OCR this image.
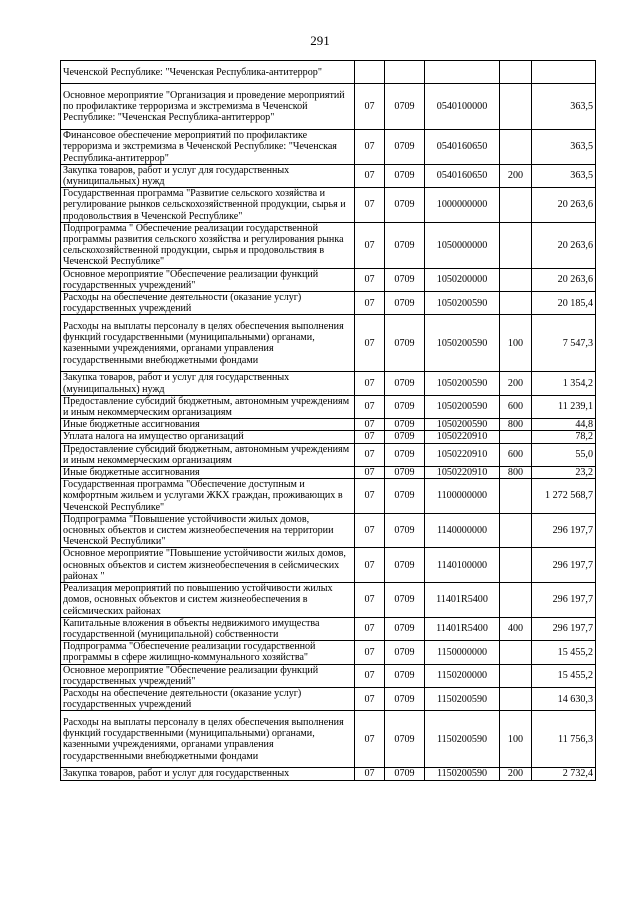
291
Чеченской Республике: "Чеченская Республика-антитеррор"					
Основное мероприятие "Организация и проведение мероприятий по профилактике терроризма и экстремизма в Чеченской Республике: "Чеченская Республика-антитеррор"	07	0709	0540100000		363,5
Финансовое обеспечение мероприятий по профилактике терроризма и экстремизма в Чеченской Республике: "Чеченская Республика-антитеррор"	07	0709	0540160650		363,5
Закупка товаров, работ и услуг для государственных (муниципальных) нужд	07	0709	0540160650	200	363,5
Государственная программа "Развитие сельского хозяйства и регулирование рынков сельскохозяйственной продукции, сырья и продовольствия в Чеченской Республике"	07	0709	1000000000		20 263,6
Подпрограмма " Обеспечение реализации государственной программы развития сельского хозяйства и регулирования рынка сельскохозяйственной продукции, сырья и продовольствия в Чеченской Республике"	07	0709	1050000000		20 263,6
Основное мероприятие "Обеспечение реализации функций государственных учреждений"	07	0709	1050200000		20 263,6
Расходы на обеспечение деятельности (оказание услуг) государственных учреждений	07	0709	1050200590		20 185,4
Расходы на выплаты персоналу в целях обеспечения выполнения функций государственными (муниципальными) органами, казенными учреждениями, органами управления государственными внебюджетными фондами	07	0709	1050200590	100	7 547,3
Закупка товаров, работ и услуг для государственных (муниципальных) нужд	07	0709	1050200590	200	1 354,2
Предоставление субсидий бюджетным, автономным учреждениям и иным некоммерческим организациям	07	0709	1050200590	600	11 239,1
Иные бюджетные ассигнования	07	0709	1050200590	800	44,8
Уплата налога на имущество организаций	07	0709	1050220910		78,2
Предоставление субсидий бюджетным, автономным учреждениям и иным некоммерческим организациям	07	0709	1050220910	600	55,0
Иные бюджетные ассигнования	07	0709	1050220910	800	23,2
Государственная программа "Обеспечение доступным и комфортным жильем и услугами ЖКХ граждан, проживающих в Чеченской Республике"	07	0709	1100000000		1 272 568,7
Подпрограмма "Повышение устойчивости жилых домов, основных объектов и систем жизнеобеспечения на территории Чеченской Республики"	07	0709	1140000000		296 197,7
Основное мероприятие "Повышение устойчивости жилых домов, основных объектов и систем жизнеобеспечения в сейсмических районах "	07	0709	1140100000		296 197,7
Реализация мероприятий по повышению устойчивости жилых домов, основных объектов и систем жизнеобеспечения в сейсмических районах	07	0709	11401R5400		296 197,7
Капитальные вложения в объекты недвижимого имущества государственной (муниципальной) собственности	07	0709	11401R5400	400	296 197,7
Подпрограмма "Обеспечение реализации государственной программы в сфере жилищно-коммунального хозяйства"	07	0709	1150000000		15 455,2
Основное мероприятие "Обеспечение реализации функций государственных учреждений"	07	0709	1150200000		15 455,2
Расходы на обеспечение деятельности (оказание услуг) государственных учреждений	07	0709	1150200590		14 630,3
Расходы на выплаты персоналу в целях обеспечения выполнения функций государственными (муниципальными) органами, казенными учреждениями, органами управления государственными внебюджетными фондами	07	0709	1150200590	100	11 756,3
Закупка товаров, работ и услуг для государственных	07	0709	1150200590	200	2 732,4
